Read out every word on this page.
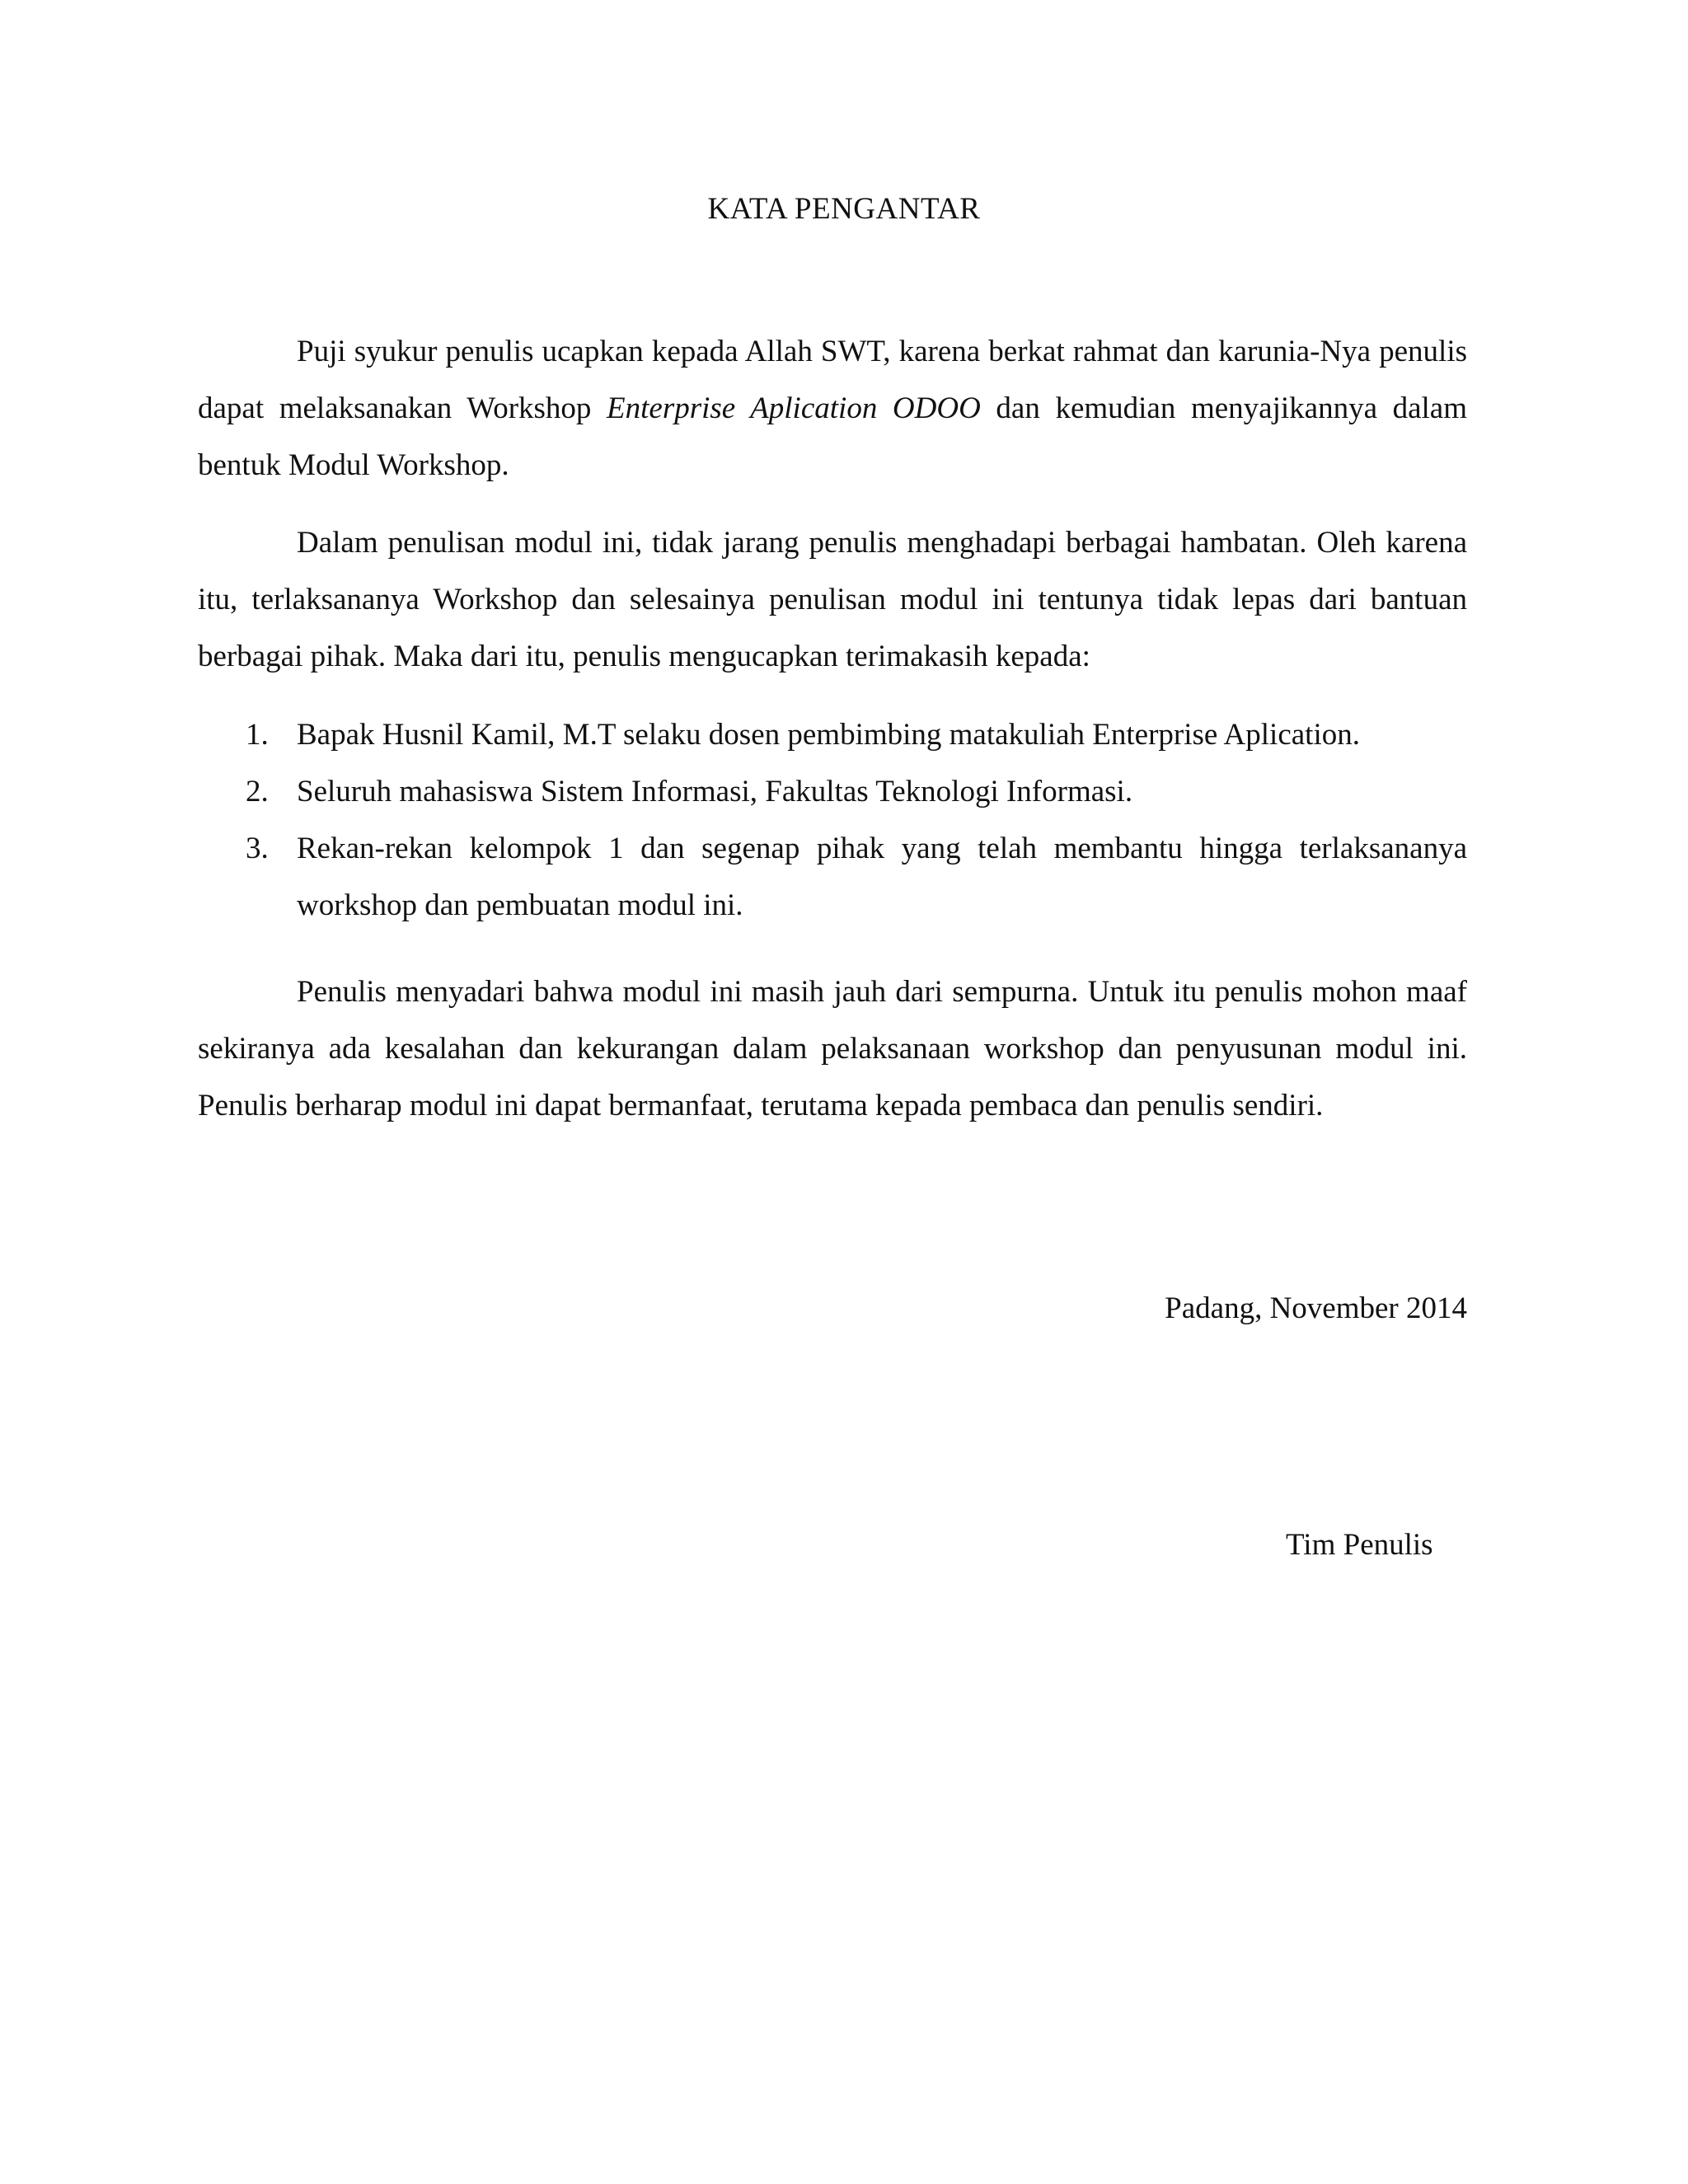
KATA PENGANTAR

Puji syukur penulis ucapkan kepada Allah SWT, karena berkat rahmat dan karunia-Nya penulis dapat melaksanakan Workshop Enterprise Aplication ODOO dan kemudian menyajikannya dalam bentuk Modul Workshop.

Dalam penulisan modul ini, tidak jarang penulis menghadapi berbagai hambatan. Oleh karena itu, terlaksananya Workshop dan selesainya penulisan modul ini tentunya tidak lepas dari bantuan berbagai pihak. Maka dari itu, penulis mengucapkan terimakasih kepada:

1. Bapak Husnil Kamil, M.T selaku dosen pembimbing matakuliah Enterprise Aplication.
2. Seluruh mahasiswa Sistem Informasi, Fakultas Teknologi Informasi.
3. Rekan-rekan kelompok 1 dan segenap pihak yang telah membantu hingga terlaksananya workshop dan pembuatan modul ini.

Penulis menyadari bahwa modul ini masih jauh dari sempurna. Untuk itu penulis mohon maaf sekiranya ada kesalahan dan kekurangan dalam pelaksanaan workshop dan penyusunan modul ini. Penulis berharap modul ini dapat bermanfaat, terutama kepada pembaca dan penulis sendiri.

Padang, November 2014

Tim Penulis
